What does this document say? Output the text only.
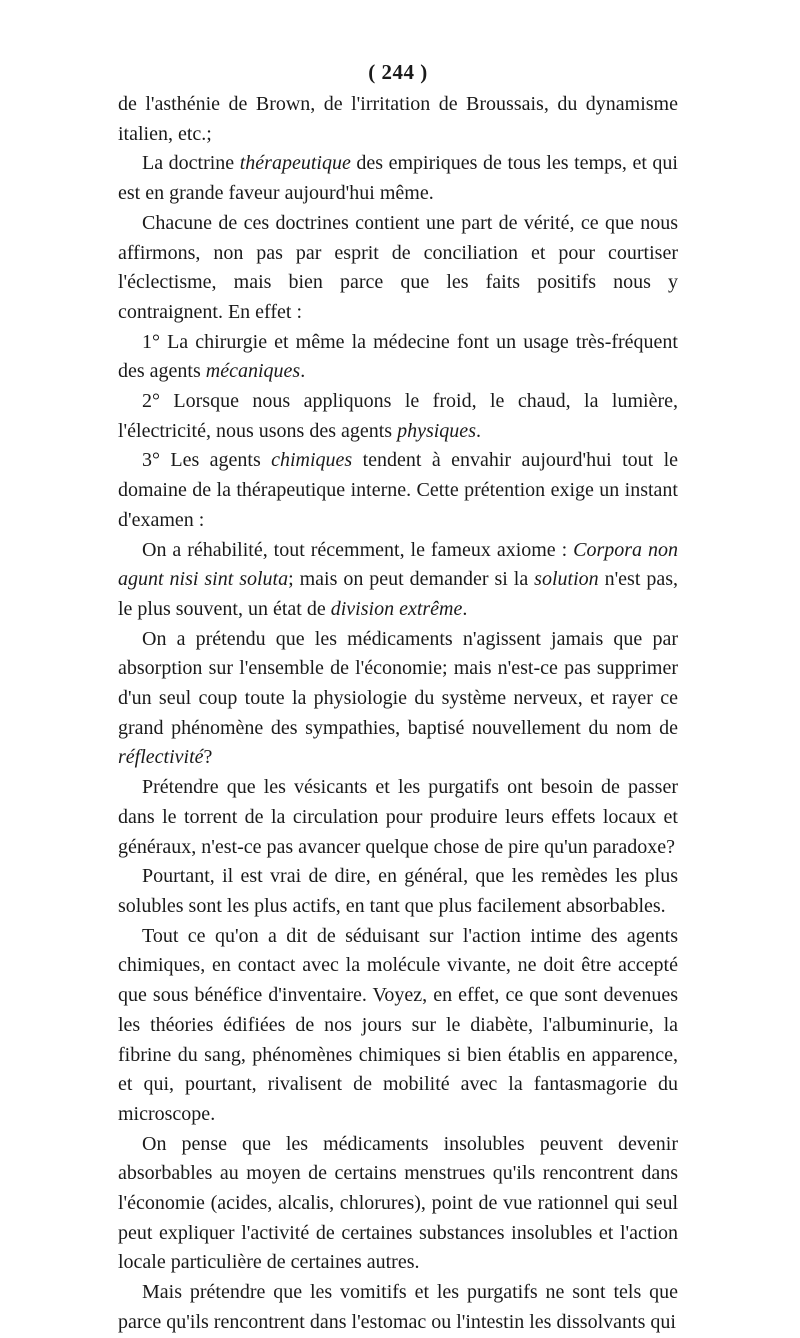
( 244 )

de l'asthénie de Brown, de l'irritation de Broussais, du dynamisme italien, etc.;

La doctrine thérapeutique des empiriques de tous les temps, et qui est en grande faveur aujourd'hui même.

Chacune de ces doctrines contient une part de vérité, ce que nous affirmons, non pas par esprit de conciliation et pour courtiser l'éclectisme, mais bien parce que les faits positifs nous y contraignent. En effet :

1° La chirurgie et même la médecine font un usage très-fréquent des agents mécaniques.

2° Lorsque nous appliquons le froid, le chaud, la lumière, l'électricité, nous usons des agents physiques.

3° Les agents chimiques tendent à envahir aujourd'hui tout le domaine de la thérapeutique interne. Cette prétention exige un instant d'examen :

On a réhabilité, tout récemment, le fameux axiome : Corpora non agunt nisi sint soluta; mais on peut demander si la solution n'est pas, le plus souvent, un état de division extrême.

On a prétendu que les médicaments n'agissent jamais que par absorption sur l'ensemble de l'économie; mais n'est-ce pas supprimer d'un seul coup toute la physiologie du système nerveux, et rayer ce grand phénomène des sympathies, baptisé nouvellement du nom de réflectivité?

Prétendre que les vésicants et les purgatifs ont besoin de passer dans le torrent de la circulation pour produire leurs effets locaux et généraux, n'est-ce pas avancer quelque chose de pire qu'un paradoxe?

Pourtant, il est vrai de dire, en général, que les remèdes les plus solubles sont les plus actifs, en tant que plus facilement absorbables.

Tout ce qu'on a dit de séduisant sur l'action intime des agents chimiques, en contact avec la molécule vivante, ne doit être accepté que sous bénéfice d'inventaire. Voyez, en effet, ce que sont devenues les théories édifiées de nos jours sur le diabète, l'albuminurie, la fibrine du sang, phénomènes chimiques si bien établis en apparence, et qui, pourtant, rivalisent de mobilité avec la fantasmagorie du microscope.

On pense que les médicaments insolubles peuvent devenir absorbables au moyen de certains menstrues qu'ils rencontrent dans l'économie (acides, alcalis, chlorures), point de vue rationnel qui seul peut expliquer l'activité de certaines substances insolubles et l'action locale particulière de certaines autres.

Mais prétendre que les vomitifs et les purgatifs ne sont tels que parce qu'ils rencontrent dans l'estomac ou l'intestin les dissolvants qui
